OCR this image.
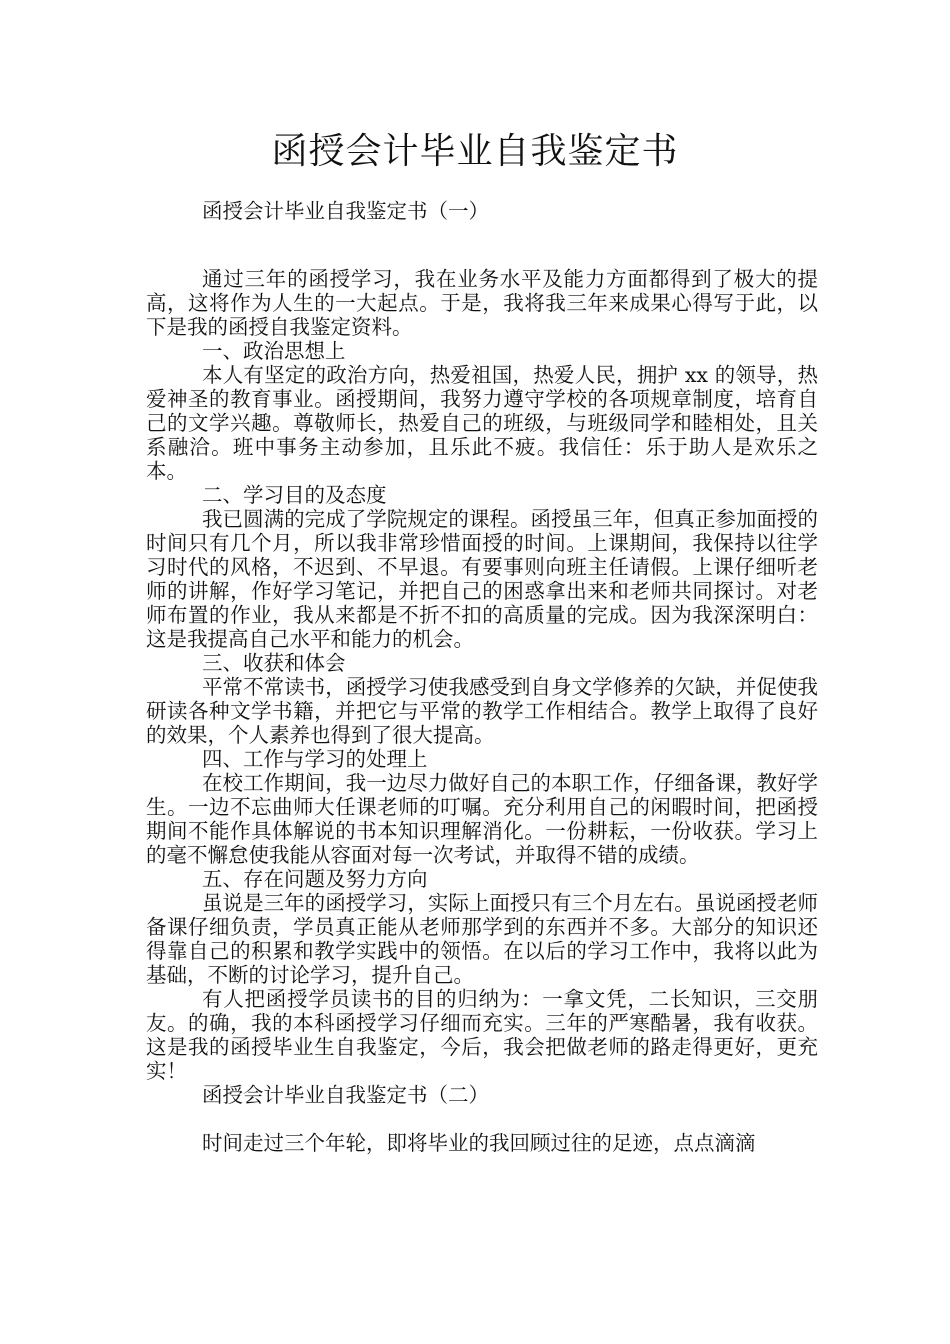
函授会计毕业自我鉴定书

函授会计毕业自我鉴定书（一）

通过三年的函授学习，我在业务水平及能力方面都得到了极大的提高，这将作为人生的一大起点。于是，我将我三年来成果心得写于此，以下是我的函授自我鉴定资料。

一、政治思想上

本人有坚定的政治方向，热爱祖国，热爱人民，拥护 xx 的领导，热爱神圣的教育事业。函授期间，我努力遵守学校的各项规章制度，培育自己的文学兴趣。尊敬师长，热爱自己的班级，与班级同学和睦相处，且关系融洽。班中事务主动参加，且乐此不疲。我信任：乐于助人是欢乐之本。

二、学习目的及态度

我已圆满的完成了学院规定的课程。函授虽三年，但真正参加面授的时间只有几个月，所以我非常珍惜面授的时间。上课期间，我保持以往学习时代的风格，不迟到、不早退。有要事则向班主任请假。上课仔细听老师的讲解，作好学习笔记，并把自己的困惑拿出来和老师共同探讨。对老师布置的作业，我从来都是不折不扣的高质量的完成。因为我深深明白：这是我提高自己水平和能力的机会。

三、收获和体会

平常不常读书，函授学习使我感受到自身文学修养的欠缺，并促使我研读各种文学书籍，并把它与平常的教学工作相结合。教学上取得了良好的效果，个人素养也得到了很大提高。

四、工作与学习的处理上

在校工作期间，我一边尽力做好自己的本职工作，仔细备课，教好学生。一边不忘曲师大任课老师的叮嘱。充分利用自己的闲暇时间，把函授期间不能作具体解说的书本知识理解消化。一份耕耘，一份收获。学习上的毫不懈怠使我能从容面对每一次考试，并取得不错的成绩。

五、存在问题及努力方向

虽说是三年的函授学习，实际上面授只有三个月左右。虽说函授老师备课仔细负责，学员真正能从老师那学到的东西并不多。大部分的知识还得靠自己的积累和教学实践中的领悟。在以后的学习工作中，我将以此为基础，不断的讨论学习，提升自己。

有人把函授学员读书的目的归纳为：一拿文凭，二长知识，三交朋友。的确，我的本科函授学习仔细而充实。三年的严寒酷暑，我有收获。这是我的函授毕业生自我鉴定，今后，我会把做老师的路走得更好，更充实！

函授会计毕业自我鉴定书（二）

时间走过三个年轮，即将毕业的我回顾过往的足迹，点点滴滴
